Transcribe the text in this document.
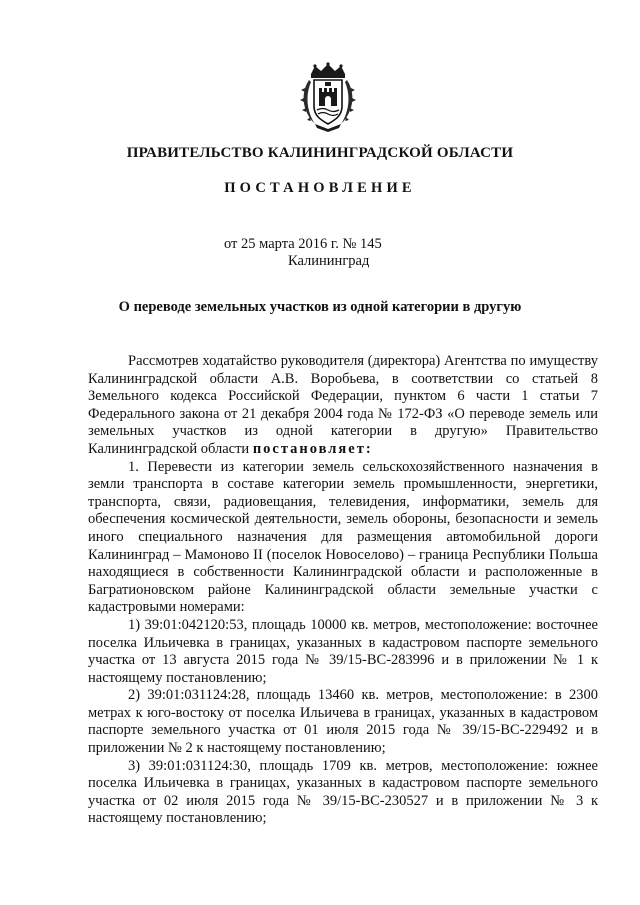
ПРАВИТЕЛЬСТВО КАЛИНИНГРАДСКОЙ ОБЛАСТИ
ПОСТАНОВЛЕНИЕ
от 25 марта 2016 г. № 145
Калининград
О переводе земельных участков из одной категории в другую

Рассмотрев ходатайство руководителя (директора) Агентства по имуществу Калининградской области А.В. Воробьева, в соответствии со статьей 8 Земельного кодекса Российской Федерации, пунктом 6 части 1 статьи 7 Федерального закона от 21 декабря 2004 года № 172-ФЗ «О переводе земель или земельных участков из одной категории в другую» Правительство Калининградской области постановляет:

1. Перевести из категории земель сельскохозяйственного назначения в земли транспорта в составе категории земель промышленности, энергетики, транспорта, связи, радиовещания, телевидения, информатики, земель для обеспечения космической деятельности, земель обороны, безопасности и земель иного специального назначения для размещения автомобильной дороги Калининград – Мамоново II (поселок Новоселово) – граница Республики Польша находящиеся в собственности Калининградской области и расположенные в Багратионовском районе Калининградской области земельные участки с кадастровыми номерами:

1) 39:01:042120:53, площадь 10000 кв. метров, местоположение: восточнее поселка Ильичевка в границах, указанных в кадастровом паспорте земельного участка от 13 августа 2015 года № 39/15-ВС-283996 и в приложении № 1 к настоящему постановлению;

2) 39:01:031124:28, площадь 13460 кв. метров, местоположение: в 2300 метрах к юго-востоку от поселка Ильичева в границах, указанных в кадастровом паспорте земельного участка от 01 июля 2015 года № 39/15-ВС-229492 и в приложении № 2 к настоящему постановлению;

3) 39:01:031124:30, площадь 1709 кв. метров, местоположение: южнее поселка Ильичевка в границах, указанных в кадастровом паспорте земельного участка от 02 июля 2015 года № 39/15-ВС-230527 и в приложении № 3 к настоящему постановлению;
